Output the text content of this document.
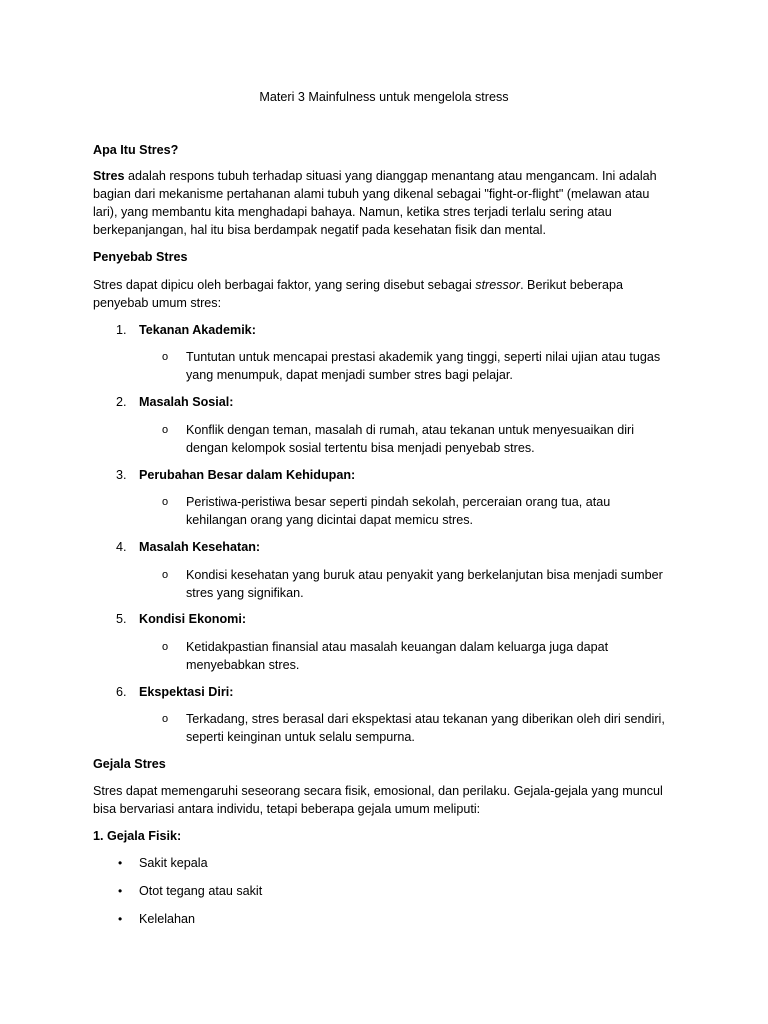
Materi 3 Mainfulness untuk mengelola stress
Apa Itu Stres?
Stres adalah respons tubuh terhadap situasi yang dianggap menantang atau mengancam. Ini adalah
bagian dari mekanisme pertahanan alami tubuh yang dikenal sebagai "fight-or-flight" (melawan atau
lari), yang membantu kita menghadapi bahaya. Namun, ketika stres terjadi terlalu sering atau
berkepanjangan, hal itu bisa berdampak negatif pada kesehatan fisik dan mental.
Penyebab Stres
Stres dapat dipicu oleh berbagai faktor, yang sering disebut sebagai stressor. Berikut beberapa
penyebab umum stres:
1. Tekanan Akademik:
o Tuntutan untuk mencapai prestasi akademik yang tinggi, seperti nilai ujian atau tugas
yang menumpuk, dapat menjadi sumber stres bagi pelajar.
2. Masalah Sosial:
o Konflik dengan teman, masalah di rumah, atau tekanan untuk menyesuaikan diri
dengan kelompok sosial tertentu bisa menjadi penyebab stres.
3. Perubahan Besar dalam Kehidupan:
o Peristiwa-peristiwa besar seperti pindah sekolah, perceraian orang tua, atau
kehilangan orang yang dicintai dapat memicu stres.
4. Masalah Kesehatan:
o Kondisi kesehatan yang buruk atau penyakit yang berkelanjutan bisa menjadi sumber
stres yang signifikan.
5. Kondisi Ekonomi:
o Ketidakpastian finansial atau masalah keuangan dalam keluarga juga dapat
menyebabkan stres.
6. Ekspektasi Diri:
o Terkadang, stres berasal dari ekspektasi atau tekanan yang diberikan oleh diri sendiri,
seperti keinginan untuk selalu sempurna.
Gejala Stres
Stres dapat memengaruhi seseorang secara fisik, emosional, dan perilaku. Gejala-gejala yang muncul
bisa bervariasi antara individu, tetapi beberapa gejala umum meliputi:
1. Gejala Fisik:
• Sakit kepala
• Otot tegang atau sakit
• Kelelahan
